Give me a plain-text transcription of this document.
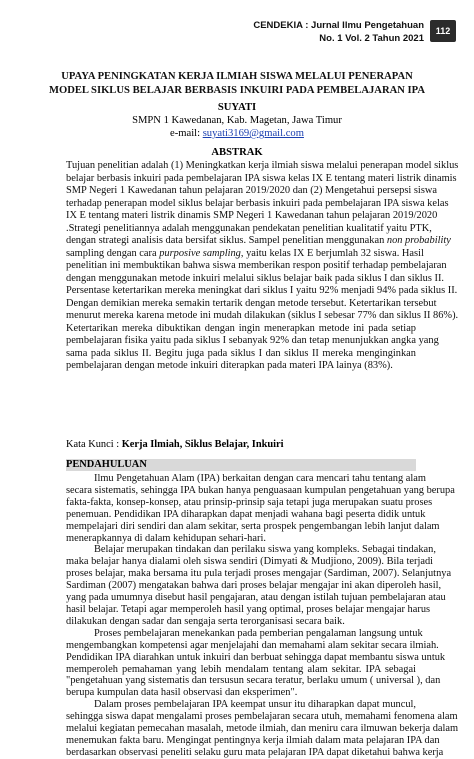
CENDEKIA : Jurnal Ilmu Pengetahuan
No. 1 Vol. 2 Tahun 2021
112
UPAYA PENINGKATAN KERJA ILMIAH SISWA MELALUI PENERAPAN
MODEL SIKLUS BELAJAR BERBASIS INKUIRI PADA PEMBELAJARAN IPA
SUYATI
SMPN 1 Kawedanan, Kab. Magetan, Jawa Timur
e-mail: suyati3169@gmail.com
ABSTRAK
Tujuan penelitian adalah (1) Meningkatkan kerja ilmiah siswa melalui penerapan model siklus
belajar berbasis inkuiri pada pembelajaran IPA siswa kelas IX E tentang materi listrik dinamis
SMP Negeri 1 Kawedanan tahun pelajaran 2019/2020 dan (2) Mengetahui persepsi siswa
terhadap penerapan model siklus belajar berbasis inkuiri pada pembelajaran IPA siswa kelas
IX E tentang materi listrik dinamis SMP Negeri 1 Kawedanan tahun pelajaran 2019/2020
.Strategi penelitiannya adalah menggunakan pendekatan penelitian kualitatif yaitu PTK,
dengan strategi analisis data bersifat siklus. Sampel penelitian menggunakan non probability
sampling dengan cara purposive sampling, yaitu kelas IX E berjumlah 32 siswa. Hasil
penelitian ini membuktikan bahwa siswa memberikan respon positif terhadap pembelajaran
dengan menggunakan metode inkuiri melalui siklus belajar baik pada siklus I dan siklus II.
Persentase ketertarikan mereka meningkat dari siklus I yaitu 92% menjadi 94% pada siklus II.
Dengan demikian mereka semakin tertarik dengan metode tersebut. Ketertarikan tersebut
menurut mereka karena metode ini mudah dilakukan (siklus I sebesar 77% dan siklus II 86%).
Ketertarikan mereka dibuktikan dengan ingin menerapkan metode ini pada setiap
pembelajaran fisika yaitu pada siklus I sebanyak 92% dan tetap menunjukkan angka yang
sama pada siklus II. Begitu juga pada siklus I dan siklus II mereka menginginkan
pembelajaran dengan metode inkuiri diterapkan pada materi IPA lainya (83%).
Kata Kunci : Kerja Ilmiah, Siklus Belajar, Inkuiri
PENDAHULUAN
Ilmu Pengetahuan Alam (IPA) berkaitan dengan cara mencari tahu tentang alam
secara sistematis, sehingga IPA bukan hanya penguasaan kumpulan pengetahuan yang berupa
fakta-fakta, konsep-konsep, atau prinsip-prinsip saja tetapi juga merupakan suatu proses
penemuan. Pendidikan IPA diharapkan dapat menjadi wahana bagi peserta didik untuk
mempelajari diri sendiri dan alam sekitar, serta prospek pengembangan lebih lanjut dalam
menerapkannya di dalam kehidupan sehari-hari.
Belajar merupakan tindakan dan perilaku siswa yang kompleks. Sebagai tindakan,
maka belajar hanya dialami oleh siswa sendiri (Dimyati & Mudjiono, 2009). Bila terjadi
proses belajar, maka bersama itu pula terjadi proses mengajar (Sardiman, 2007). Selanjutnya
Sardiman (2007) mengatakan bahwa dari proses belajar mengajar ini akan diperoleh hasil,
yang pada umumnya disebut hasil pengajaran, atau dengan istilah tujuan pembelajaran atau
hasil belajar. Tetapi agar memperoleh hasil yang optimal, proses belajar mengajar harus
dilakukan dengan sadar dan sengaja serta terorganisasi secara baik.
Proses pembelajaran menekankan pada pemberian pengalaman langsung untuk
mengembangkan kompetensi agar menjelajahi dan memahami alam sekitar secara ilmiah.
Pendidikan IPA diarahkan untuk inkuiri dan berbuat sehingga dapat membantu siswa untuk
memperoleh pemahaman yang lebih mendalam tentang alam sekitar. IPA sebagai
"pengetahuan yang sistematis dan tersusun secara teratur, berlaku umum ( universal ), dan
berupa kumpulan data hasil observasi dan eksperimen".
Dalam proses pembelajaran IPA keempat unsur itu diharapkan dapat muncul,
sehingga siswa dapat mengalami proses pembelajaran secara utuh, memahami fenomena alam
melalui kegiatan pemecahan masalah, metode ilmiah, dan meniru cara ilmuwan bekerja dalam
menemukan fakta baru. Mengingat pentingnya kerja ilmiah dalam mata pelajaran IPA dan
berdasarkan observasi peneliti selaku guru mata pelajaran IPA dapat diketahui bahwa kerja
